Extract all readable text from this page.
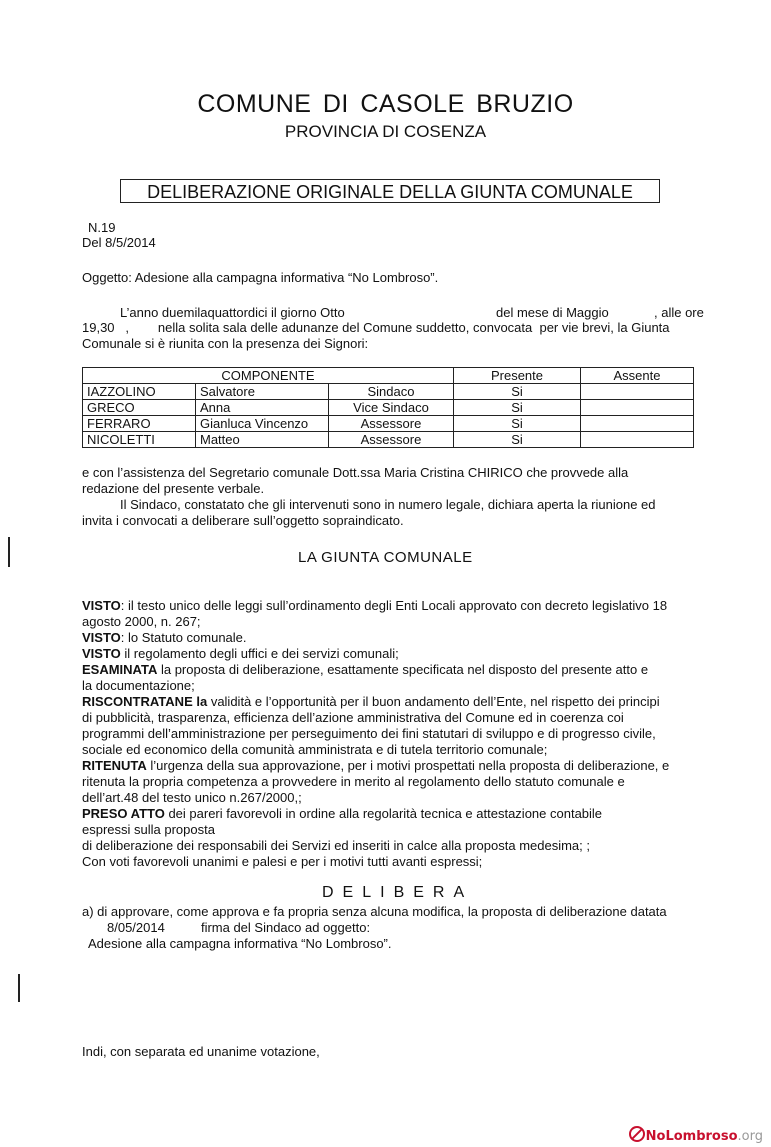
COMUNE DI CASOLE BRUZIO
PROVINCIA DI COSENZA
DELIBERAZIONE ORIGINALE DELLA GIUNTA COMUNALE
N.19
Del 8/5/2014
Oggetto: Adesione alla campagna informativa “No Lombroso”.
L’anno duemilaquattordici il giorno Otto	del mese di Maggio	, alle ore
19,30   ,        nella solita sala delle adunanze del Comune suddetto, convocata  per vie brevi, la Giunta
Comunale si è riunita con la presenza dei Signori:
COMPONENTE			Presente	Assente
IAZZOLINO	Salvatore	Sindaco	Si	
GRECO	Anna	Vice Sindaco	Si	
FERRARO	Gianluca Vincenzo	Assessore	Si	
NICOLETTI	Matteo	Assessore	Si	
e con l’assistenza del Segretario comunale Dott.ssa Maria Cristina CHIRICO che provvede alla
redazione del presente verbale.
Il Sindaco, constatato che gli intervenuti sono in numero legale, dichiara aperta la riunione ed
invita i convocati a deliberare sull’oggetto sopraindicato.
LA GIUNTA COMUNALE
VISTO: il testo unico delle leggi sull’ordinamento degli Enti Locali approvato con decreto legislativo 18
agosto 2000, n. 267;
VISTO: lo Statuto comunale.
VISTO il regolamento degli uffici e dei servizi comunali;
ESAMINATA la proposta di deliberazione, esattamente specificata nel disposto del presente atto e
la documentazione;
RISCONTRATANE la validità e l’opportunità per il buon andamento dell’Ente, nel rispetto dei principi
di pubblicità, trasparenza, efficienza dell’azione amministrativa del Comune ed in coerenza coi
programmi dell’amministrazione per perseguimento dei fini statutari di sviluppo e di progresso civile,
sociale ed economico della comunità amministrata e di tutela territorio comunale;
RITENUTA l’urgenza della sua approvazione, per i motivi prospettati nella proposta di deliberazione, e
ritenuta la propria competenza a provvedere in merito al regolamento dello statuto comunale e
dell’art.48 del testo unico n.267/2000,;
PRESO ATTO dei pareri favorevoli in ordine alla regolarità tecnica e attestazione contabile
espressi sulla proposta
di deliberazione dei responsabili dei Servizi ed inseriti in calce alla proposta medesima; ;
Con voti favorevoli unanimi e palesi e per i motivi tutti avanti espressi;
DELIBERA
a) di approvare, come approva e fa propria senza alcuna modifica, la proposta di deliberazione datata
8/05/2014          firma del Sindaco ad oggetto:
Adesione alla campagna informativa “No Lombroso”.
Indi, con separata ed unanime votazione,
NoLombroso.org
